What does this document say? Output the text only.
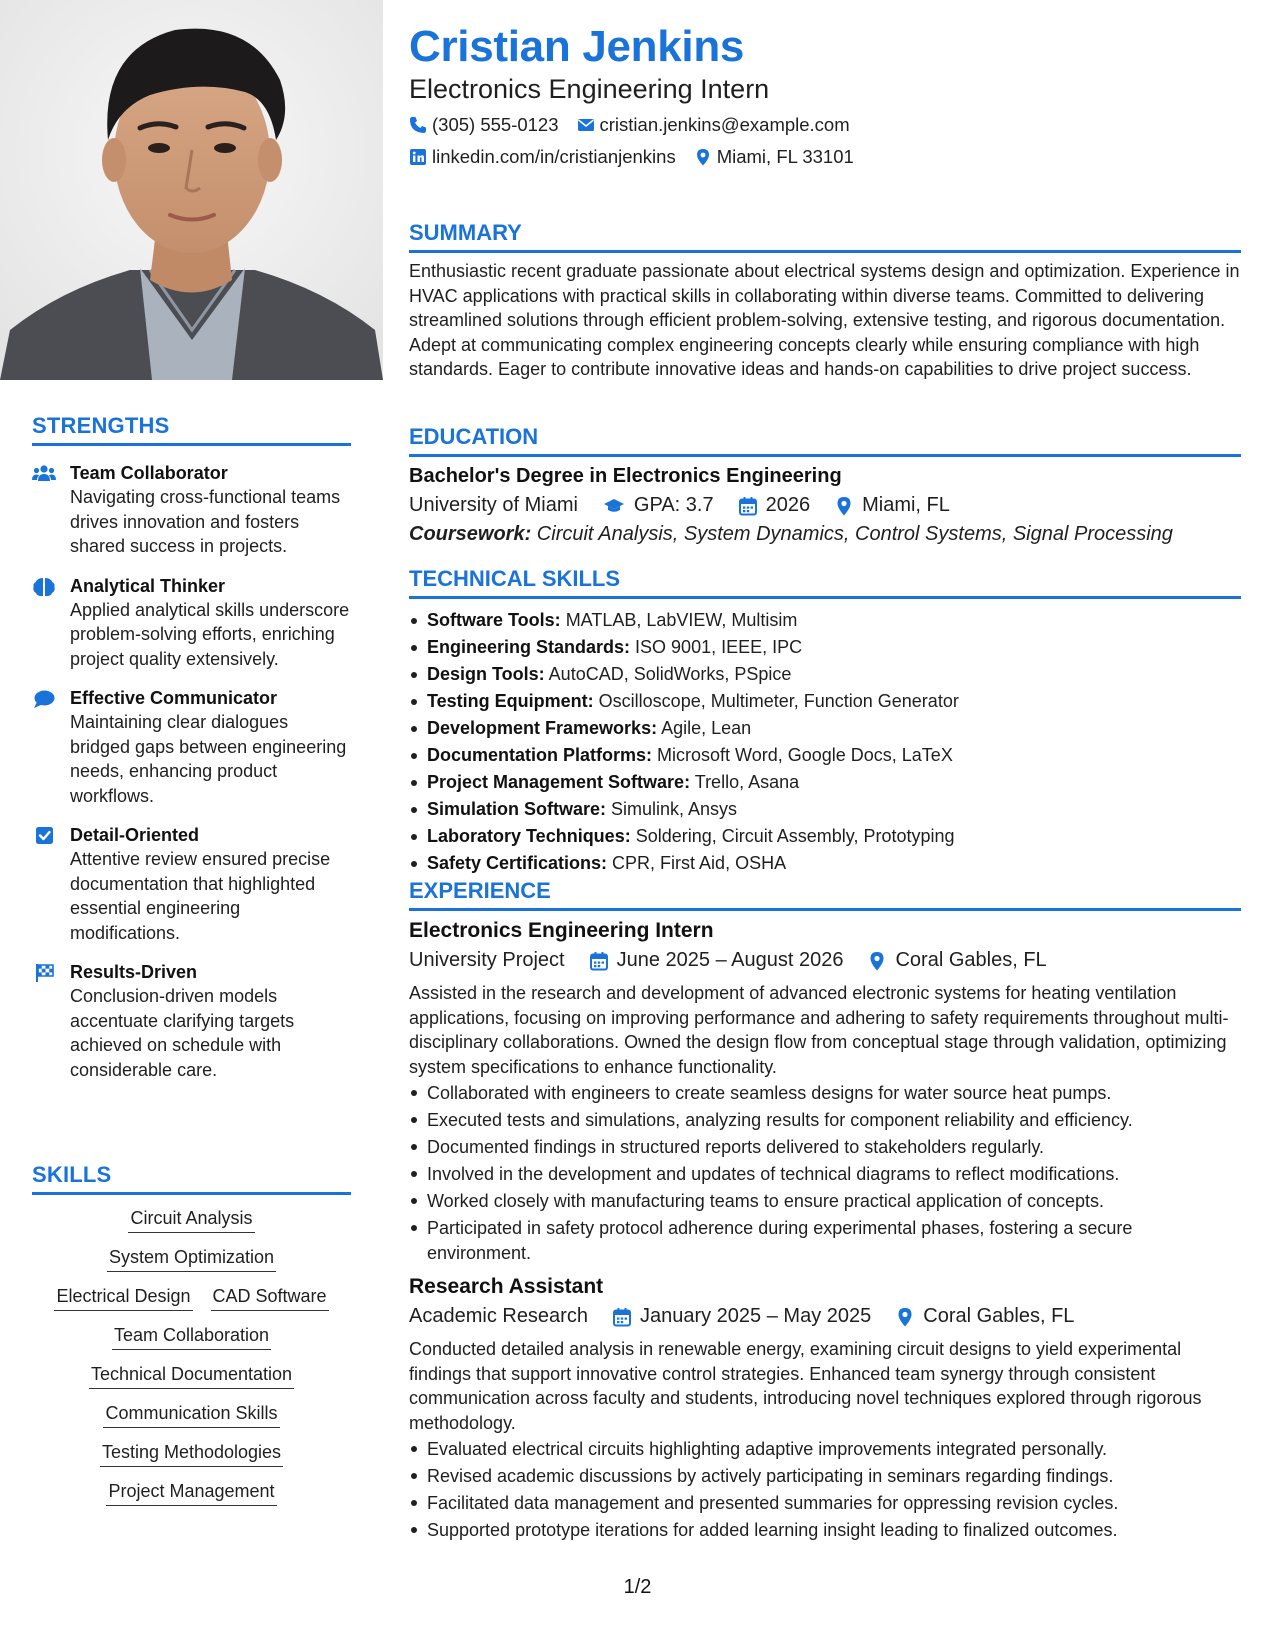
STRENGTHS
Team Collaborator
Navigating cross-functional teams drives innovation and fosters shared success in projects.
Analytical Thinker
Applied analytical skills underscore problem-solving efforts, enriching project quality extensively.
Effective Communicator
Maintaining clear dialogues bridged gaps between engineering needs, enhancing product workflows.
Detail-Oriented
Attentive review ensured precise documentation that highlighted essential engineering modifications.
Results-Driven
Conclusion-driven models accentuate clarifying targets achieved on schedule with considerable care.
SKILLS
Circuit Analysis
System Optimization
Electrical Design CAD Software
Team Collaboration
Technical Documentation
Communication Skills
Testing Methodologies
Project Management
Cristian Jenkins
Electronics Engineering Intern
(305) 555-0123 cristian.jenkins@example.com
linkedin.com/in/cristianjenkins Miami, FL 33101
SUMMARY
Enthusiastic recent graduate passionate about electrical systems design and optimization. Experience in HVAC applications with practical skills in collaborating within diverse teams. Committed to delivering streamlined solutions through efficient problem-solving, extensive testing, and rigorous documentation. Adept at communicating complex engineering concepts clearly while ensuring compliance with high standards. Eager to contribute innovative ideas and hands-on capabilities to drive project success.
EDUCATION
Bachelor's Degree in Electronics Engineering
University of Miami	GPA: 3.7	2026	Miami, FL
Coursework: Circuit Analysis, System Dynamics, Control Systems, Signal Processing
TECHNICAL SKILLS
Software Tools: MATLAB, LabVIEW, Multisim
Engineering Standards: ISO 9001, IEEE, IPC
Design Tools: AutoCAD, SolidWorks, PSpice
Testing Equipment: Oscilloscope, Multimeter, Function Generator
Development Frameworks: Agile, Lean
Documentation Platforms: Microsoft Word, Google Docs, LaTeX
Project Management Software: Trello, Asana
Simulation Software: Simulink, Ansys
Laboratory Techniques: Soldering, Circuit Assembly, Prototyping
Safety Certifications: CPR, First Aid, OSHA
EXPERIENCE
Electronics Engineering Intern
University Project	June 2025 – August 2026	Coral Gables, FL
Assisted in the research and development of advanced electronic systems for heating ventilation applications, focusing on improving performance and adhering to safety requirements throughout multi-disciplinary collaborations. Owned the design flow from conceptual stage through validation, optimizing system specifications to enhance functionality.
Collaborated with engineers to create seamless designs for water source heat pumps.
Executed tests and simulations, analyzing results for component reliability and efficiency.
Documented findings in structured reports delivered to stakeholders regularly.
Involved in the development and updates of technical diagrams to reflect modifications.
Worked closely with manufacturing teams to ensure practical application of concepts.
Participated in safety protocol adherence during experimental phases, fostering a secure environment.
Research Assistant
Academic Research	January 2025 – May 2025	Coral Gables, FL
Conducted detailed analysis in renewable energy, examining circuit designs to yield experimental findings that support innovative control strategies. Enhanced team synergy through consistent communication across faculty and students, introducing novel techniques explored through rigorous methodology.
Evaluated electrical circuits highlighting adaptive improvements integrated personally.
Revised academic discussions by actively participating in seminars regarding findings.
Facilitated data management and presented summaries for oppressing revision cycles.
Supported prototype iterations for added learning insight leading to finalized outcomes.
1/2
